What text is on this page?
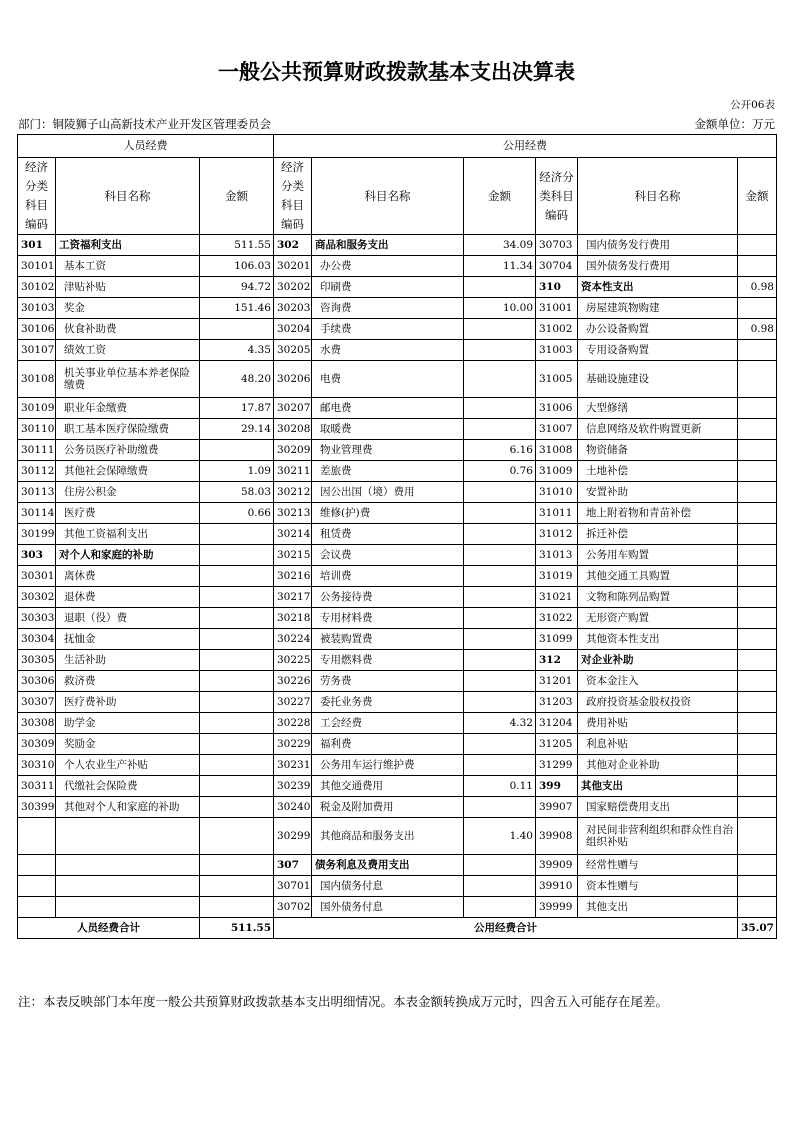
一般公共预算财政拨款基本支出决算表
公开06表
部门：铜陵狮子山高新技术产业开发区管理委员会	金额单位：万元
人员经费			公用经费					
经济分类科目编码	科目名称	金额	经济分类科目编码	科目名称	金额	经济分类科目编码	科目名称	金额
301	工资福利支出	511.55	302	商品和服务支出	34.09	30703	国内债务发行费用	
30101	基本工资	106.03	30201	办公费	11.34	30704	国外债务发行费用	
30102	津贴补贴	94.72	30202	印刷费		310	资本性支出	0.98
30103	奖金	151.46	30203	咨询费	10.00	31001	房屋建筑物购建	
30106	伙食补助费		30204	手续费		31002	办公设备购置	0.98
30107	绩效工资	4.35	30205	水费		31003	专用设备购置	
30108	机关事业单位基本养老保险缴费	48.20	30206	电费		31005	基础设施建设	
30109	职业年金缴费	17.87	30207	邮电费		31006	大型修缮	
30110	职工基本医疗保险缴费	29.14	30208	取暖费		31007	信息网络及软件购置更新	
30111	公务员医疗补助缴费		30209	物业管理费	6.16	31008	物资储备	
30112	其他社会保障缴费	1.09	30211	差旅费	0.76	31009	土地补偿	
30113	住房公积金	58.03	30212	因公出国（境）费用		31010	安置补助	
30114	医疗费	0.66	30213	维修(护)费		31011	地上附着物和青苗补偿	
30199	其他工资福利支出		30214	租赁费		31012	拆迁补偿	
303	对个人和家庭的补助		30215	会议费		31013	公务用车购置	
30301	离休费		30216	培训费		31019	其他交通工具购置	
30302	退休费		30217	公务接待费		31021	文物和陈列品购置	
30303	退职（役）费		30218	专用材料费		31022	无形资产购置	
30304	抚恤金		30224	被装购置费		31099	其他资本性支出	
30305	生活补助		30225	专用燃料费		312	对企业补助	
30306	救济费		30226	劳务费		31201	资本金注入	
30307	医疗费补助		30227	委托业务费		31203	政府投资基金股权投资	
30308	助学金		30228	工会经费	4.32	31204	费用补贴	
30309	奖励金		30229	福利费		31205	利息补贴	
30310	个人农业生产补贴		30231	公务用车运行维护费		31299	其他对企业补助	
30311	代缴社会保险费		30239	其他交通费用	0.11	399	其他支出	
30399	其他对个人和家庭的补助		30240	税金及附加费用		39907	国家赔偿费用支出	
			30299	其他商品和服务支出	1.40	39908	对民间非营利组织和群众性自治组织补贴	
			307	债务利息及费用支出		39909	经常性赠与	
			30701	国内债务付息		39910	资本性赠与	
			30702	国外债务付息		39999	其他支出	
人员经费合计		511.55	公用经费合计					35.07
注：本表反映部门本年度一般公共预算财政拨款基本支出明细情况。本表金额转换成万元时，四舍五入可能存在尾差。
